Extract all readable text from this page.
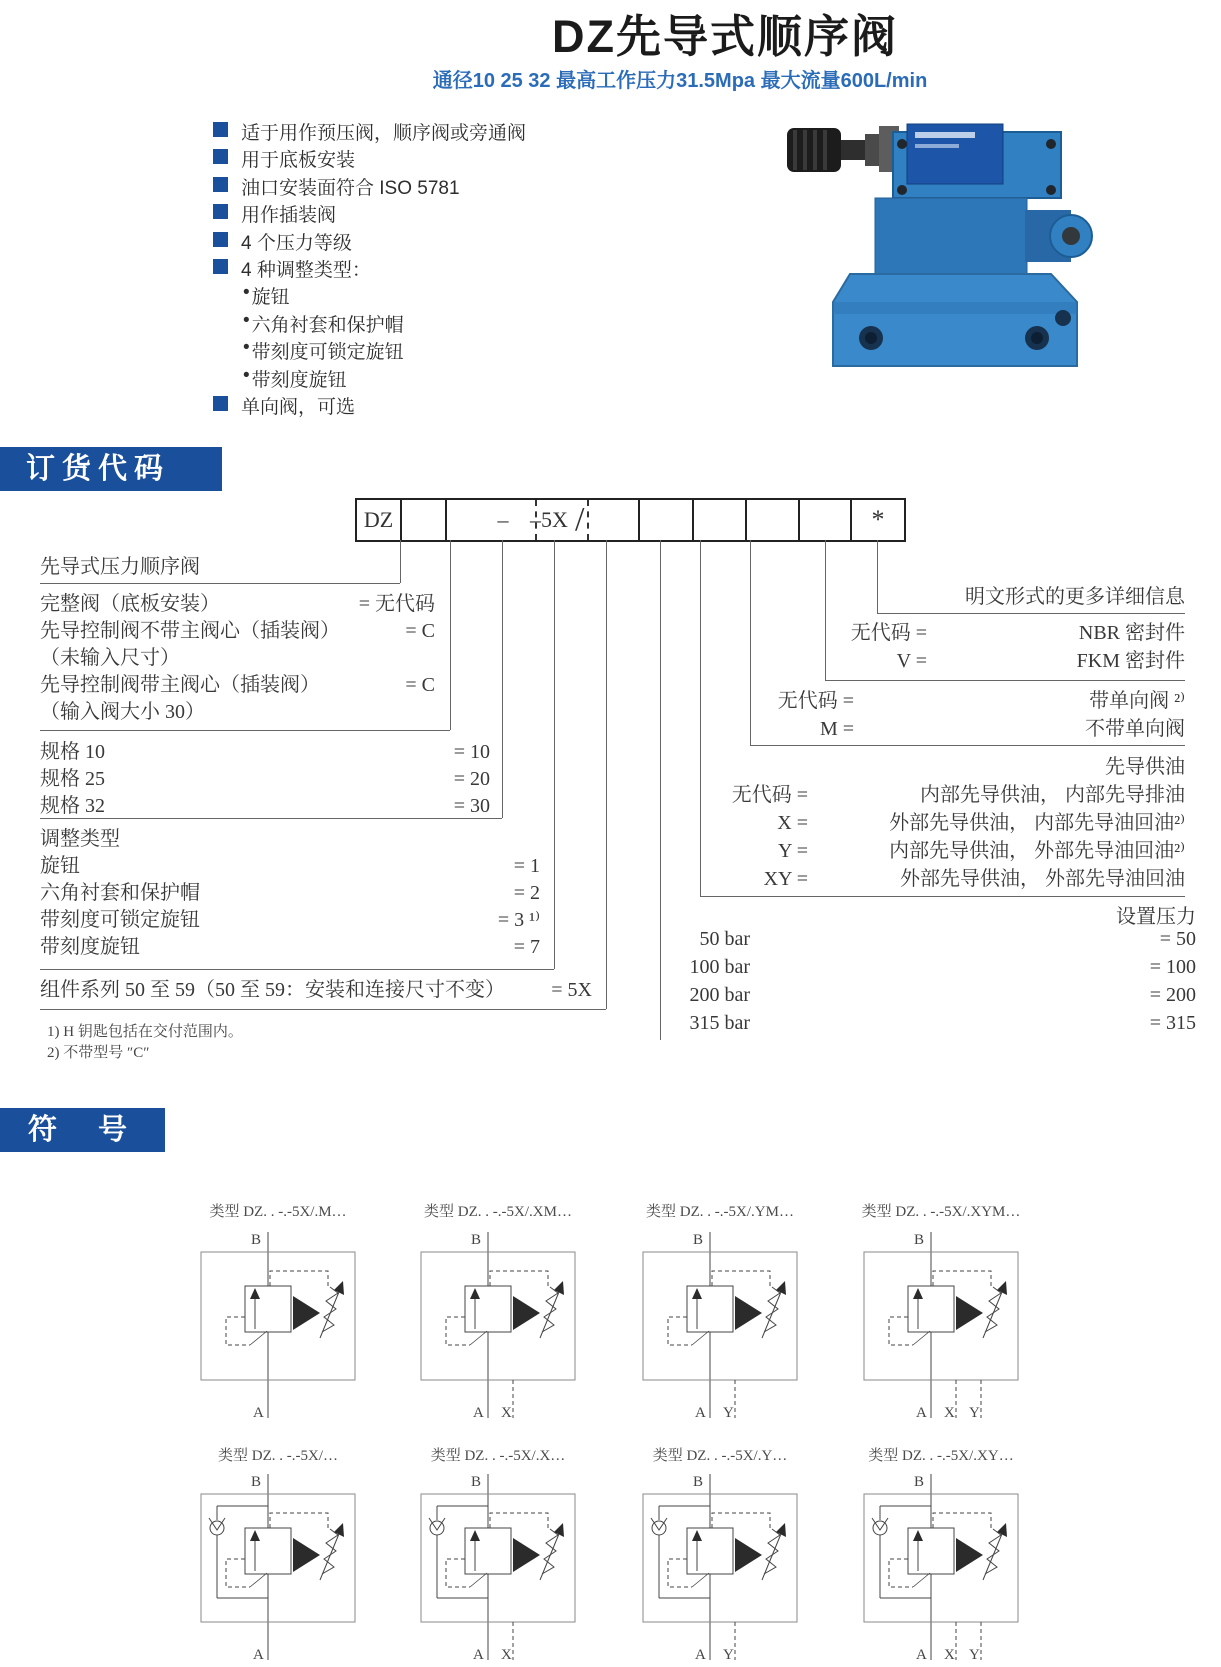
DZ先导式顺序阀
通径10 25 32 最高工作压力31.5Mpa 最大流量600L/min
适于用作预压阀，顺序阀或旁通阀
用于底板安装
油口安装面符合 ISO 5781
用作插装阀
4 个压力等级
4 种调整类型：
• 旋钮
• 六角衬套和保护帽
• 带刻度可锁定旋钮
• 带刻度旋钮
单向阀，可选
订货代码
DZ	– –5X /	*
先导式压力顺序阀
完整阀（底板安装）	= 无代码
先导控制阀不带主阀心（插装阀）	= C
（未输入尺寸）
先导控制阀带主阀心（插装阀）	= C
（输入阀大小 30）
规格 10	= 10
规格 25	= 20
规格 32	= 30
调整类型
旋钮	= 1
六角衬套和保护帽	= 2
带刻度可锁定旋钮	= 3 ¹⁾
带刻度旋钮	= 7
组件系列 50 至 59（50 至 59：安装和连接尺寸不变） = 5X
明文形式的更多详细信息
无代码 =	NBR 密封件
V =	FKM 密封件
无代码 =	带单向阀 ²⁾
M =	不带单向阀
先导供油
无代码 =	内部先导供油， 内部先导排油
X =	外部先导供油， 内部先导油回油²⁾
Y =	内部先导供油， 外部先导油回油²⁾
XY =	外部先导供油， 外部先导油回油
设置压力
50 bar	= 50
100 bar	= 100
200 bar	= 200
315 bar	= 315
1) H 钥匙包括在交付范围内。
2) 不带型号 ″C″
符　号
类型 DZ. . -.-5X/.M…
B
A
类型 DZ. . -.-5X/.XM…
B
A X
类型 DZ. . -.-5X/.YM…
B
A Y
类型 DZ. . -.-5X/.XYM…
B
A X Y
类型 DZ. . -.-5X/…
B
A
类型 DZ. . -.-5X/.X…
B
A X
类型 DZ. . -.-5X/.Y…
B
A Y
类型 DZ. . -.-5X/.XY…
B
A X Y
